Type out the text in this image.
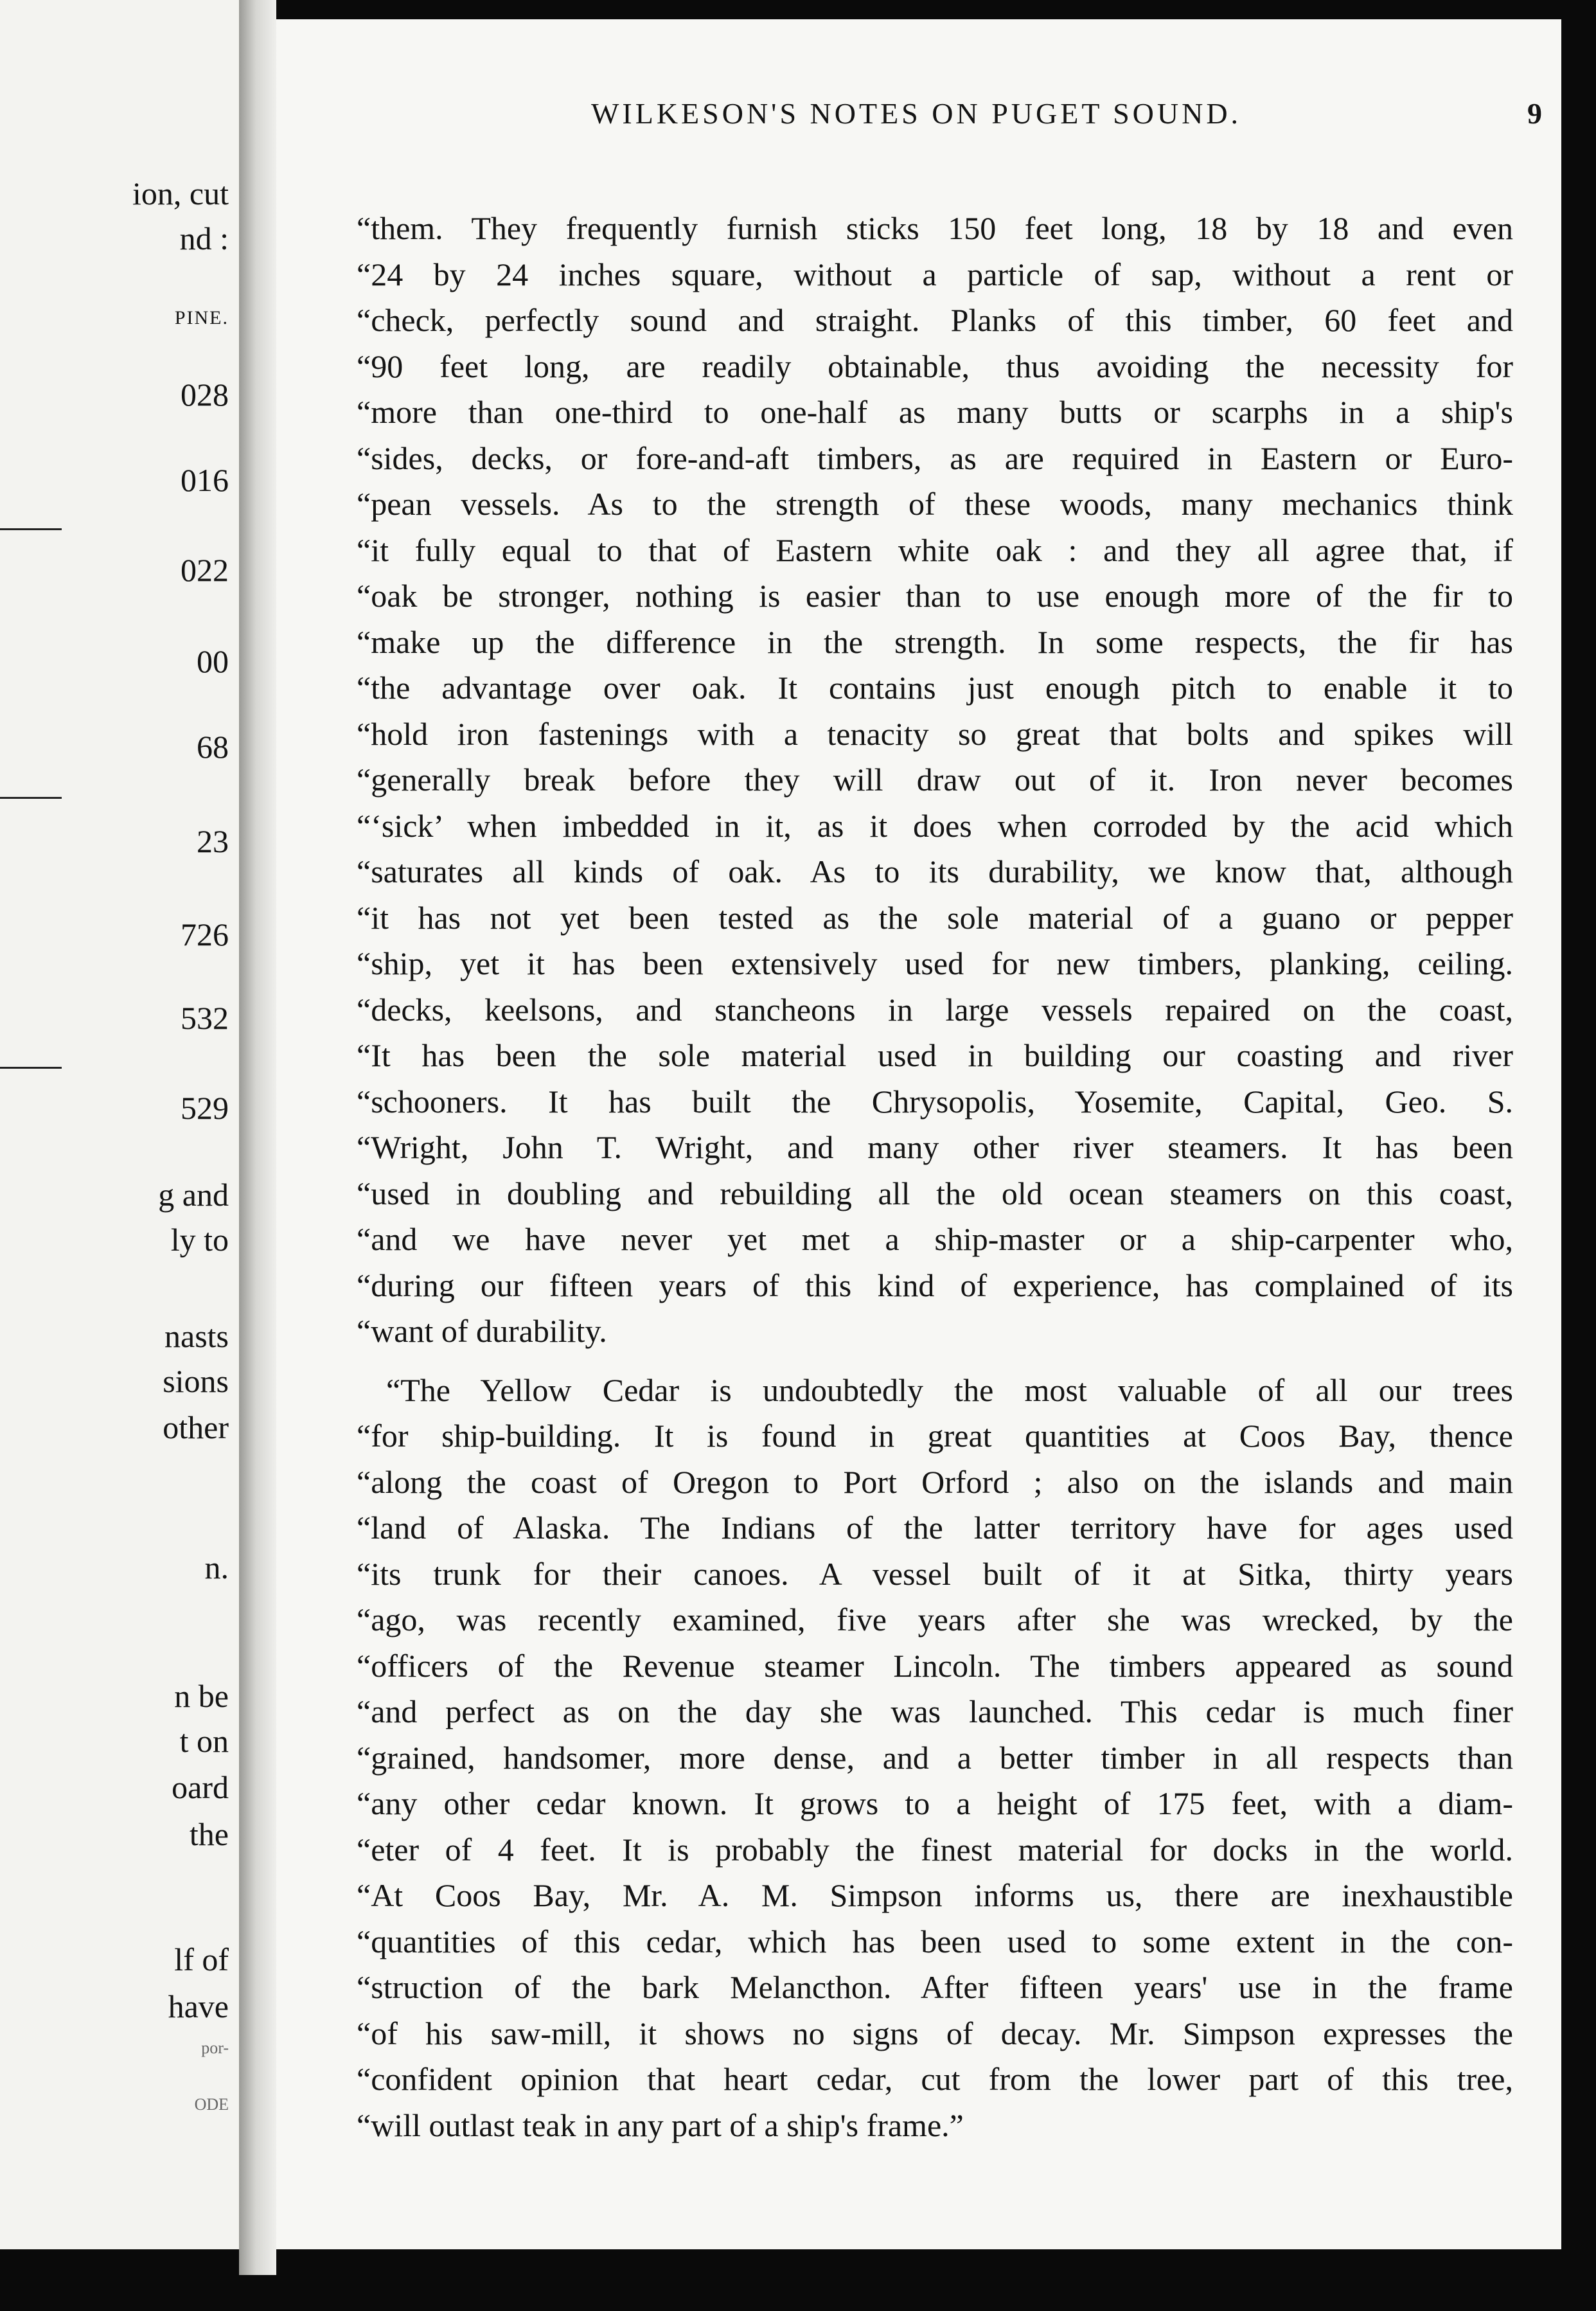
ion, cut
nd :
PINE.
028
016
022
00
68
23
726
532
529
g and
ly to
nasts
sions
other
n.
n be
t on
oard
the
lf of
have
por-
ODE
WILKESON'S NOTES ON PUGET SOUND.	9
“them. They frequently furnish sticks 150 feet long, 18 by 18 and even
“24 by 24 inches square, without a particle of sap, without a rent or
“check, perfectly sound and straight. Planks of this timber, 60 feet and
“90 feet long, are readily obtainable, thus avoiding the necessity for
“more than one-third to one-half as many butts or scarphs in a ship's
“sides, decks, or fore-and-aft timbers, as are required in Eastern or Euro-
“pean vessels. As to the strength of these woods, many mechanics think
“it fully equal to that of Eastern white oak : and they all agree that, if
“oak be stronger, nothing is easier than to use enough more of the fir to
“make up the difference in the strength. In some respects, the fir has
“the advantage over oak. It contains just enough pitch to enable it to
“hold iron fastenings with a tenacity so great that bolts and spikes will
“generally break before they will draw out of it. Iron never becomes
“‘sick’ when imbedded in it, as it does when corroded by the acid which
“saturates all kinds of oak. As to its durability, we know that, although
“it has not yet been tested as the sole material of a guano or pepper
“ship, yet it has been extensively used for new timbers, planking, ceiling.
“decks, keelsons, and stancheons in large vessels repaired on the coast,
“It has been the sole material used in building our coasting and river
“schooners. It has built the Chrysopolis, Yosemite, Capital, Geo. S.
“Wright, John T. Wright, and many other river steamers. It has been
“used in doubling and rebuilding all the old ocean steamers on this coast,
“and we have never yet met a ship-master or a ship-carpenter who,
“during our fifteen years of this kind of experience, has complained of its
“want of durability.
“The Yellow Cedar is undoubtedly the most valuable of all our trees
“for ship-building. It is found in great quantities at Coos Bay, thence
“along the coast of Oregon to Port Orford ; also on the islands and main
“land of Alaska. The Indians of the latter territory have for ages used
“its trunk for their canoes. A vessel built of it at Sitka, thirty years
“ago, was recently examined, five years after she was wrecked, by the
“officers of the Revenue steamer Lincoln. The timbers appeared as sound
“and perfect as on the day she was launched. This cedar is much finer
“grained, handsomer, more dense, and a better timber in all respects than
“any other cedar known. It grows to a height of 175 feet, with a diam-
“eter of 4 feet. It is probably the finest material for docks in the world.
“At Coos Bay, Mr. A. M. Simpson informs us, there are inexhaustible
“quantities of this cedar, which has been used to some extent in the con-
“struction of the bark Melancthon. After fifteen years' use in the frame
“of his saw-mill, it shows no signs of decay. Mr. Simpson expresses the
“confident opinion that heart cedar, cut from the lower part of this tree,
“will outlast teak in any part of a ship's frame.”
